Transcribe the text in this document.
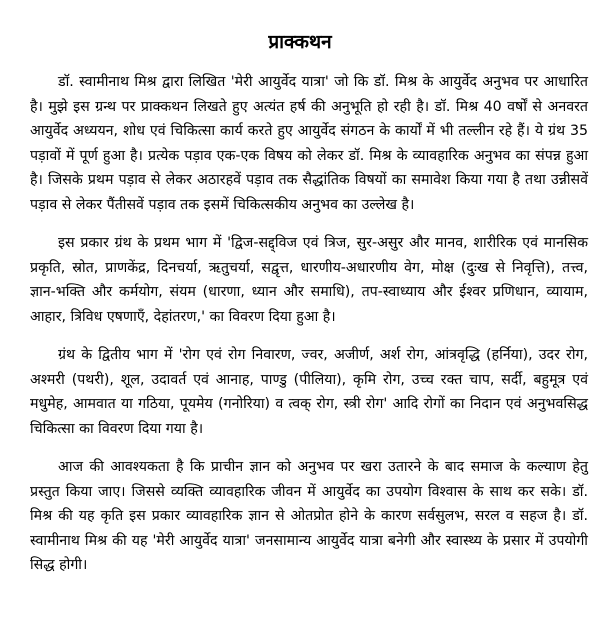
प्राक्कथन

डॉ. स्वामीनाथ मिश्र द्वारा लिखित 'मेरी आयुर्वेद यात्रा' जो कि डॉ. मिश्र के आयुर्वेद अनुभव पर आधारित है। मुझे इस ग्रन्थ पर प्राक्कथन लिखते हुए अत्यंत हर्ष की अनुभूति हो रही है। डॉ. मिश्र 40 वर्षों से अनवरत आयुर्वेद अध्ययन, शोध एवं चिकित्सा कार्य करते हुए आयुर्वेद संगठन के कार्यों में भी तल्लीन रहे हैं। ये ग्रंथ 35 पड़ावों में पूर्ण हुआ है। प्रत्येक पड़ाव एक-एक विषय को लेकर डॉ. मिश्र के व्यावहारिक अनुभव का संपन्न हुआ है। जिसके प्रथम पड़ाव से लेकर अठारहवें पड़ाव तक सैद्धांतिक विषयों का समावेश किया गया है तथा उन्नीसवें पड़ाव से लेकर पैंतीसवें पड़ाव तक इसमें चिकित्सकीय अनुभव का उल्लेख है।

इस प्रकार ग्रंथ के प्रथम भाग में 'द्विज-सद्द्विज एवं त्रिज, सुर-असुर और मानव, शारीरिक एवं मानसिक प्रकृति, स्रोत, प्राणकेंद्र, दिनचर्या, ऋतुचर्या, सद्वृत्त, धारणीय-अधारणीय वेग, मोक्ष (दुःख से निवृत्ति), तत्त्व, ज्ञान-भक्ति और कर्मयोग, संयम (धारणा, ध्यान और समाधि), तप-स्वाध्याय और ईश्वर प्रणिधान, व्यायाम, आहार, त्रिविध एषणाएँ, देहांतरण,' का विवरण दिया हुआ है।

ग्रंथ के द्वितीय भाग में 'रोग एवं रोग निवारण, ज्वर, अजीर्ण, अर्श रोग, आंत्रवृद्धि (हर्निया), उदर रोग, अश्मरी (पथरी), शूल, उदावर्त एवं आनाह, पाण्डु (पीलिया), कृमि रोग, उच्च रक्त चाप, सर्दी, बहुमूत्र एवं मधुमेह, आमवात या गठिया, पूयमेय (गनोरिया) व त्वक् रोग, स्त्री रोग' आदि रोगों का निदान एवं अनुभवसिद्ध चिकित्सा का विवरण दिया गया है।

आज की आवश्यकता है कि प्राचीन ज्ञान को अनुभव पर खरा उतारने के बाद समाज के कल्याण हेतु प्रस्तुत किया जाए। जिससे व्यक्ति व्यावहारिक जीवन में आयुर्वेद का उपयोग विश्वास के साथ कर सके। डॉ. मिश्र की यह कृति इस प्रकार व्यावहारिक ज्ञान से ओतप्रोत होने के कारण सर्वसुलभ, सरल व सहज है। डॉ. स्वामीनाथ मिश्र की यह 'मेरी आयुर्वेद यात्रा' जनसामान्य आयुर्वेद यात्रा बनेगी और स्वास्थ्य के प्रसार में उपयोगी सिद्ध होगी।
